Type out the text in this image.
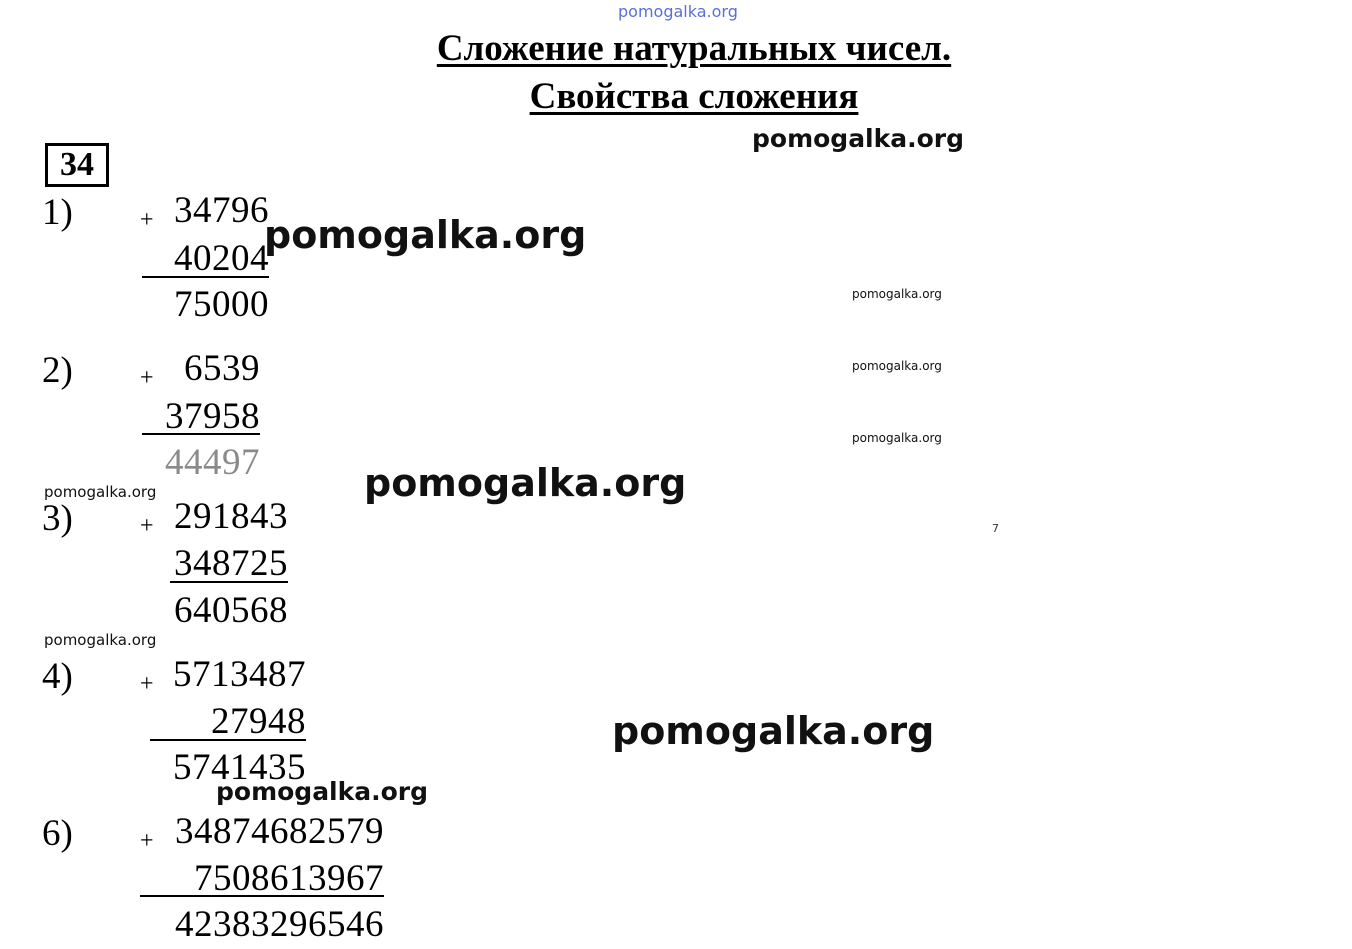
pomogalka.org
Сложение натуральных чисел.
Свойства сложения
34
1)	+ 34796
40204
75000
2)	+ 6539
37958
44497
3)	+ 291843
348725
640568
4)	+ 5713487
27948
5741435
6)	+ 34874682579
7508613967
42383296546
pomogalka.org
pomogalka.org
pomogalka.org
pomogalka.org
pomogalka.org
pomogalka.org
pomogalka.org
pomogalka.org
pomogalka.org
pomogalka.org
7
